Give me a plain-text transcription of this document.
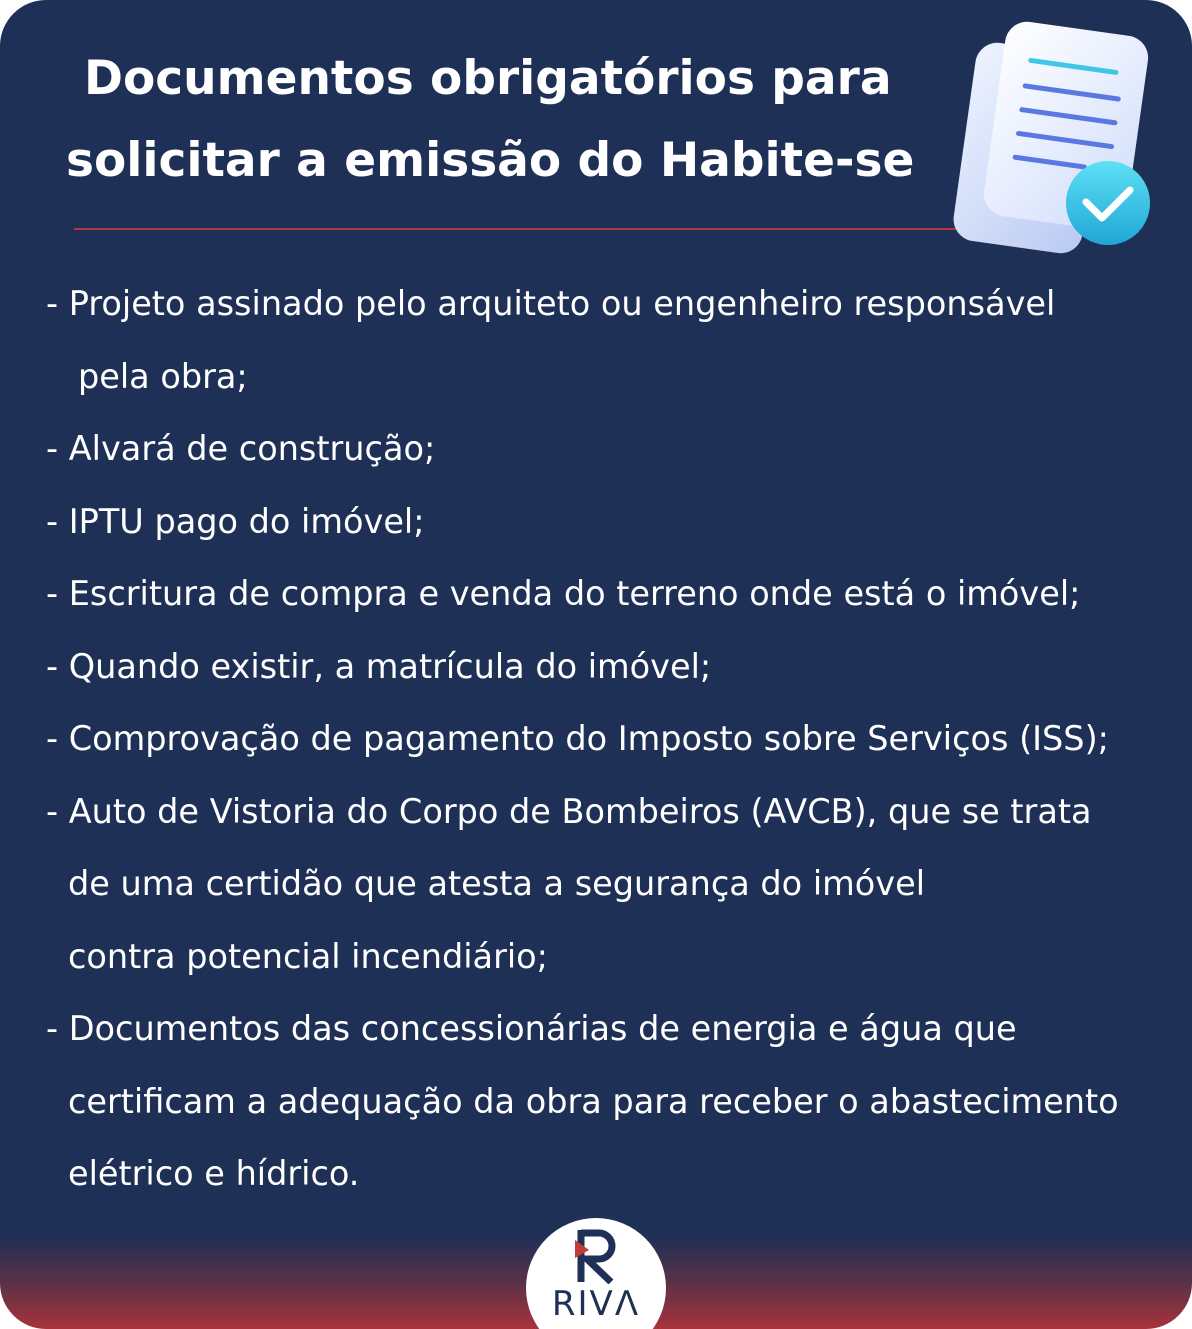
Documentos obrigatórios para
solicitar a emissão do Habite-se
- Projeto assinado pelo arquiteto ou engenheiro responsável
pela obra;
- Alvará de construção;
- IPTU pago do imóvel;
- Escritura de compra e venda do terreno onde está o imóvel;
- Quando existir, a matrícula do imóvel;
- Comprovação de pagamento do Imposto sobre Serviços (ISS);
- Auto de Vistoria do Corpo de Bombeiros (AVCB), que se trata
de uma certidão que atesta a segurança do imóvel
contra potencial incendiário;
- Documentos das concessionárias de energia e água que
certificam a adequação da obra para receber o abastecimento
elétrico e hídrico.
RIVΛ
